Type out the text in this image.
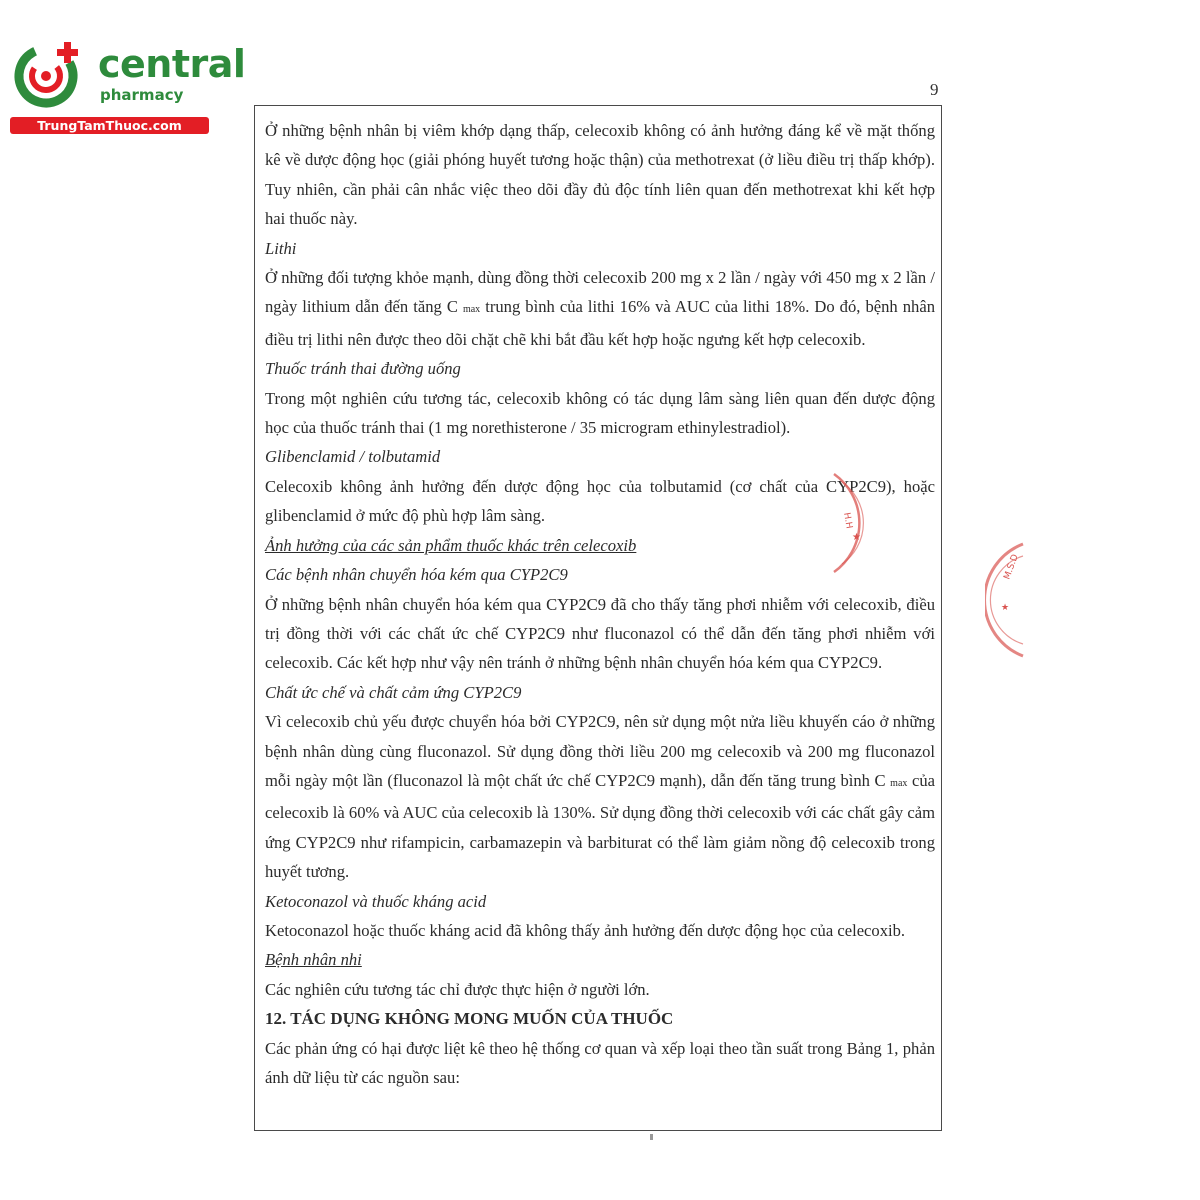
central
pharmacy
TrungTamThuoc.com
9

Ở những bệnh nhân bị viêm khớp dạng thấp, celecoxib không có ảnh hưởng đáng kể về mặt thống kê về dược động học (giải phóng huyết tương hoặc thận) của methotrexat (ở liều điều trị thấp khớp). Tuy nhiên, cần phải cân nhắc việc theo dõi đầy đủ độc tính liên quan đến methotrexat khi kết hợp hai thuốc này.

Lithi

Ở những đối tượng khỏe mạnh, dùng đồng thời celecoxib 200 mg x 2 lần / ngày với 450 mg x 2 lần / ngày lithium dẫn đến tăng C max trung bình của lithi 16% và AUC của lithi 18%. Do đó, bệnh nhân điều trị lithi nên được theo dõi chặt chẽ khi bắt đầu kết hợp hoặc ngưng kết hợp celecoxib.

Thuốc tránh thai đường uống

Trong một nghiên cứu tương tác, celecoxib không có tác dụng lâm sàng liên quan đến dược động học của thuốc tránh thai (1 mg norethisterone / 35 microgram ethinylestradiol).

Glibenclamid / tolbutamid

Celecoxib không ảnh hưởng đến dược động học của tolbutamid (cơ chất của CYP2C9), hoặc glibenclamid ở mức độ phù hợp lâm sàng.

Ảnh hưởng của các sản phẩm thuốc khác trên celecoxib

Các bệnh nhân chuyển hóa kém qua CYP2C9

Ở những bệnh nhân chuyển hóa kém qua CYP2C9 đã cho thấy tăng phơi nhiễm với celecoxib, điều trị đồng thời với các chất ức chế CYP2C9 như fluconazol có thể dẫn đến tăng phơi nhiễm với celecoxib. Các kết hợp như vậy nên tránh ở những bệnh nhân chuyển hóa kém qua CYP2C9.

Chất ức chế và chất cảm ứng CYP2C9

Vì celecoxib chủ yếu được chuyển hóa bởi CYP2C9, nên sử dụng một nửa liều khuyến cáo ở những bệnh nhân dùng cùng fluconazol. Sử dụng đồng thời liều 200 mg celecoxib và 200 mg fluconazol mỗi ngày một lần (fluconazol là một chất ức chế CYP2C9 mạnh), dẫn đến tăng trung bình C max của celecoxib là 60% và AUC của celecoxib là 130%. Sử dụng đồng thời celecoxib với các chất gây cảm ứng CYP2C9 như rifampicin, carbamazepin và barbiturat có thể làm giảm nồng độ celecoxib trong huyết tương.

Ketoconazol và thuốc kháng acid

Ketoconazol hoặc thuốc kháng acid đã không thấy ảnh hưởng đến dược động học của celecoxib.

Bệnh nhân nhi

Các nghiên cứu tương tác chỉ được thực hiện ở người lớn.

12. TÁC DỤNG KHÔNG MONG MUỐN CỦA THUỐC

Các phản ứng có hại được liệt kê theo hệ thống cơ quan và xếp loại theo tần suất trong Bảng 1, phản ánh dữ liệu từ các nguồn sau:

H.H
★
M.S.D
★
